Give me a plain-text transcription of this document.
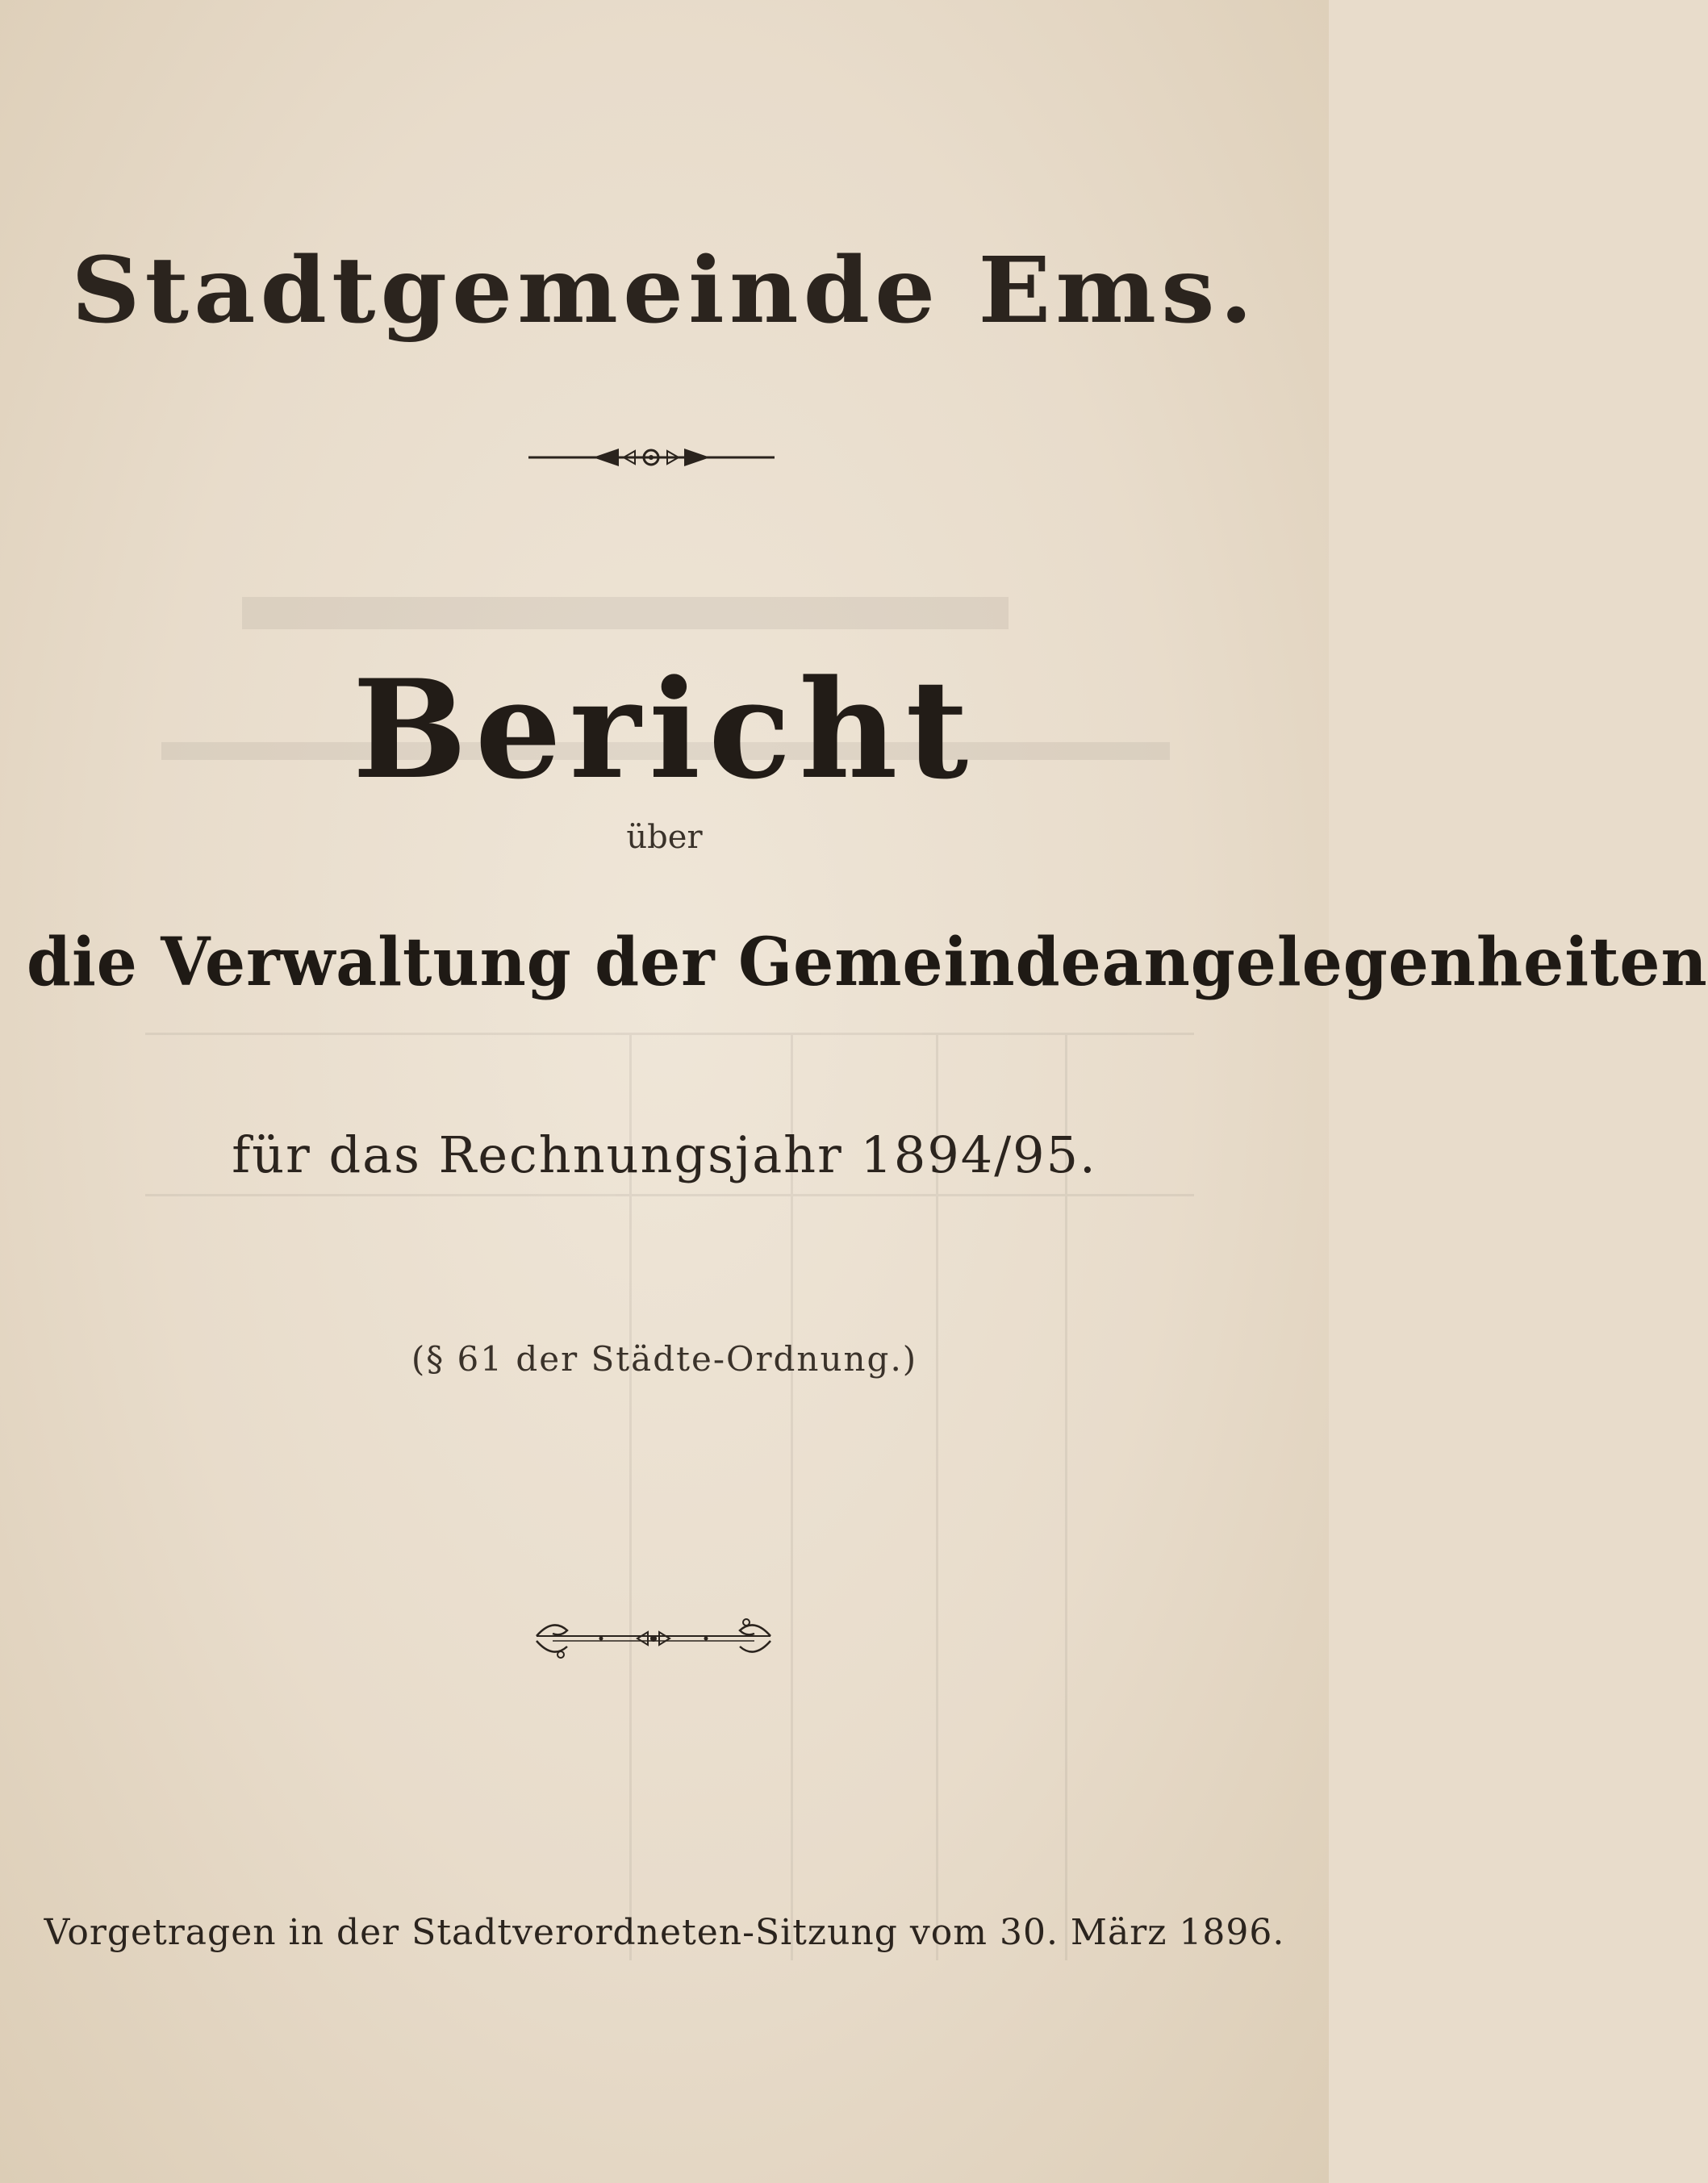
Stadtgemeinde Ems.
Bericht
über
die Verwaltung der Gemeindeangelegenheiten
für das Rechnungsjahr 1894/95.
(§ 61 der Städte-Ordnung.)
Vorgetragen in der Stadtverordneten-Sitzung vom 30. März 1896.
